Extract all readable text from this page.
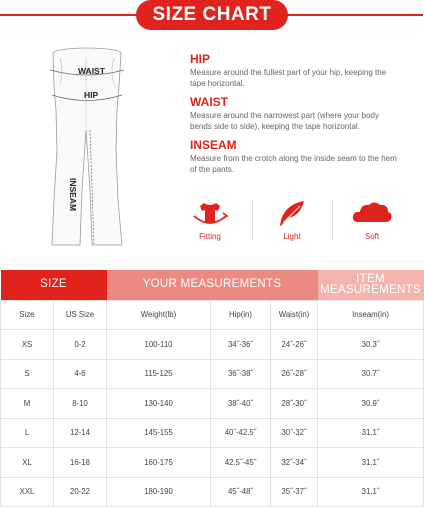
SIZE CHART
WAIST
HIP
INSEAM
HIP
Measure around the fullest part of your hip, keeping the tape horizontal.
WAIST
Measure around the narrowest part (where your body bends side to side), keeping the tape horizontal.
INSEAM
Measure from the crotch along the inside seam to the hem of the pants.
Fitting	Light	Soft
SIZE		YOUR MEASUREMENTS			ITEM MEASUREMENTS
Size	US Size	Weight(lb)	Hip(in)	Waist(in)	Inseam(in)
XS	0-2	100-110	34˝-36˝	24˝-26˝	30.3˝
S	4-6	115-125	36˝-38˝	26˝-28˝	30.7˝
M	8-10	130-140	38˝-40˝	28˝-30˝	30.9˝
L	12-14	145-155	40˝-42.5˝	30˝-32˝	31.1˝
XL	16-18	160-175	42.5˝-45˝	32˝-34˝	31.1˝
XXL	20-22	180-190	45˝-48˝	35˝-37˝	31.1˝
